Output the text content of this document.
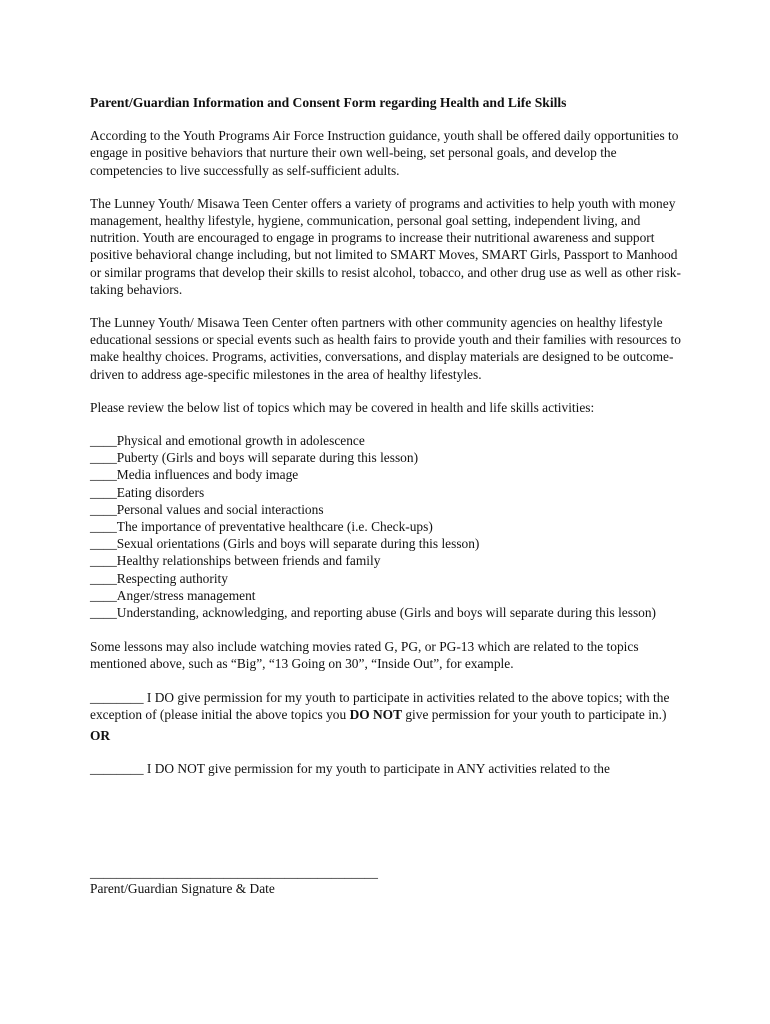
Parent/Guardian Information and Consent Form regarding Health and Life Skills

According to the Youth Programs Air Force Instruction guidance, youth shall be offered daily opportunities to engage in positive behaviors that nurture their own well-being, set personal goals, and develop the competencies to live successfully as self-sufficient adults.

The Lunney Youth/ Misawa Teen Center offers a variety of programs and activities to help youth with money management, healthy lifestyle, hygiene, communication, personal goal setting, independent living, and nutrition. Youth are encouraged to engage in programs to increase their nutritional awareness and support positive behavioral change including, but not limited to SMART Moves, SMART Girls, Passport to Manhood or similar programs that develop their skills to resist alcohol, tobacco, and other drug use as well as other risk-taking behaviors.

The Lunney Youth/ Misawa Teen Center often partners with other community agencies on healthy lifestyle educational sessions or special events such as health fairs to provide youth and their families with resources to make healthy choices. Programs, activities, conversations, and display materials are designed to be outcome-driven to address age-specific milestones in the area of healthy lifestyles.

Please review the below list of topics which may be covered in health and life skills activities:

____Physical and emotional growth in adolescence
____Puberty (Girls and boys will separate during this lesson)
____Media influences and body image
____Eating disorders
____Personal values and social interactions
____The importance of preventative healthcare (i.e. Check-ups)
____Sexual orientations (Girls and boys will separate during this lesson)
____Healthy relationships between friends and family
____Respecting authority
____Anger/stress management
____Understanding, acknowledging, and reporting abuse (Girls and boys will separate during this lesson)

Some lessons may also include watching movies rated G, PG, or PG-13 which are related to the topics mentioned above, such as “Big”, “13 Going on 30”, “Inside Out”, for example.

________ I DO give permission for my youth to participate in activities related to the above topics; with the exception of (please initial the above topics you DO NOT give permission for your youth to participate in.)

OR

________ I DO NOT give permission for my youth to participate in ANY activities related to the

___________________________________________
Parent/Guardian Signature & Date
